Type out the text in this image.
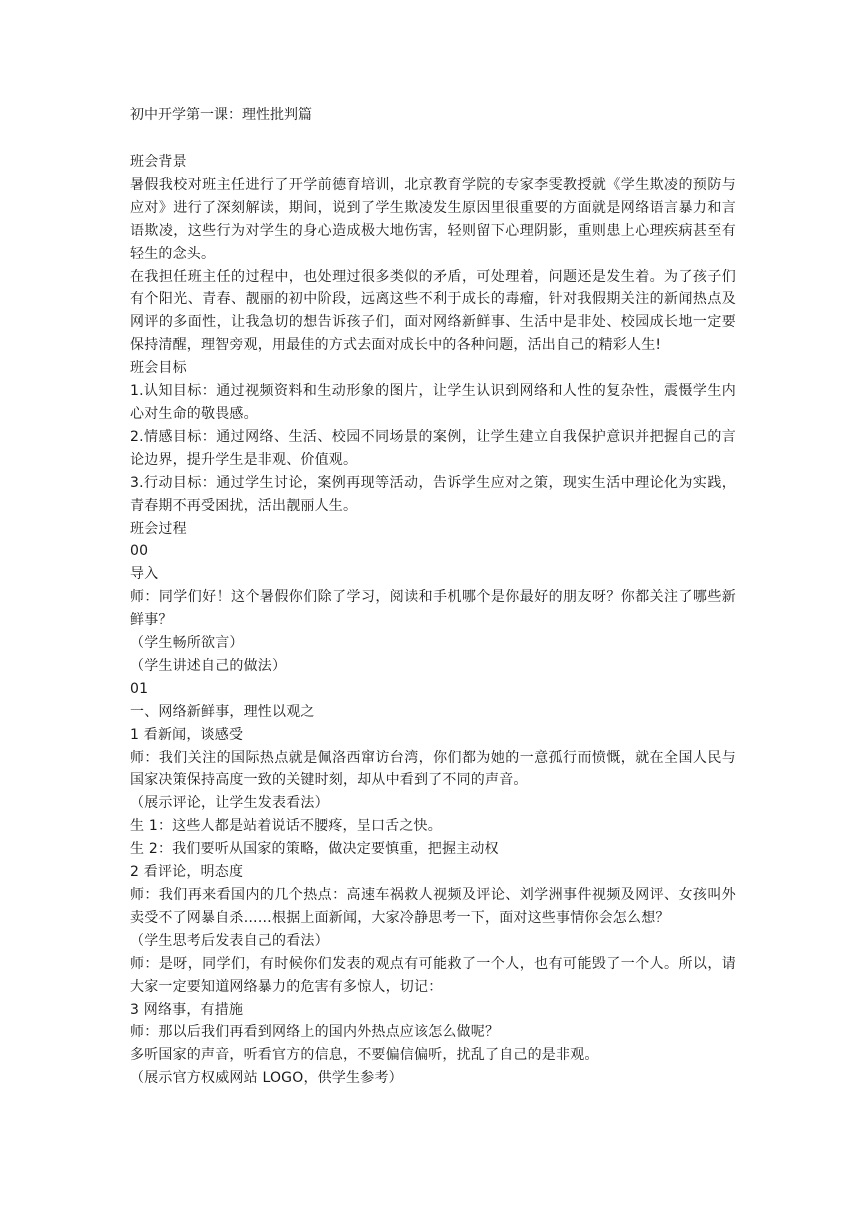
初中开学第一课：理性批判篇

班会背景

暑假我校对班主任进行了开学前德育培训，北京教育学院的专家李雯教授就《学生欺凌的预防与应对》进行了深刻解读，期间，说到了学生欺凌发生原因里很重要的方面就是网络语言暴力和言语欺凌，这些行为对学生的身心造成极大地伤害，轻则留下心理阴影，重则患上心理疾病甚至有轻生的念头。

在我担任班主任的过程中，也处理过很多类似的矛盾，可处理着，问题还是发生着。为了孩子们有个阳光、青春、靓丽的初中阶段，远离这些不利于成长的毒瘤，针对我假期关注的新闻热点及网评的多面性，让我急切的想告诉孩子们，面对网络新鲜事、生活中是非处、校园成长地一定要保持清醒，理智旁观，用最佳的方式去面对成长中的各种问题，活出自己的精彩人生!

班会目标

1.认知目标：通过视频资料和生动形象的图片，让学生认识到网络和人性的复杂性，震慑学生内心对生命的敬畏感。

2.情感目标：通过网络、生活、校园不同场景的案例，让学生建立自我保护意识并把握自己的言论边界，提升学生是非观、价值观。

3.行动目标：通过学生讨论，案例再现等活动，告诉学生应对之策，现实生活中理论化为实践，青春期不再受困扰，活出靓丽人生。

班会过程

00

导入

师：同学们好！这个暑假你们除了学习，阅读和手机哪个是你最好的朋友呀？你都关注了哪些新鲜事？

（学生畅所欲言）

（学生讲述自己的做法）

01

一、网络新鲜事，理性以观之

1 看新闻，谈感受

师：我们关注的国际热点就是佩洛西窜访台湾，你们都为她的一意孤行而愤慨，就在全国人民与国家决策保持高度一致的关键时刻，却从中看到了不同的声音。

（展示评论，让学生发表看法）

生 1：这些人都是站着说话不腰疼，呈口舌之快。

生 2：我们要听从国家的策略，做决定要慎重，把握主动权

2 看评论，明态度

师：我们再来看国内的几个热点：高速车祸救人视频及评论、刘学洲事件视频及网评、女孩叫外卖受不了网暴自杀……根据上面新闻，大家冷静思考一下，面对这些事情你会怎么想？

（学生思考后发表自己的看法）

师：是呀，同学们，有时候你们发表的观点有可能救了一个人，也有可能毁了一个人。所以，请大家一定要知道网络暴力的危害有多惊人，切记：

3 网络事，有措施

师：那以后我们再看到网络上的国内外热点应该怎么做呢？

多听国家的声音，听看官方的信息，不要偏信偏听，扰乱了自己的是非观。

（展示官方权威网站 LOGO，供学生参考）
